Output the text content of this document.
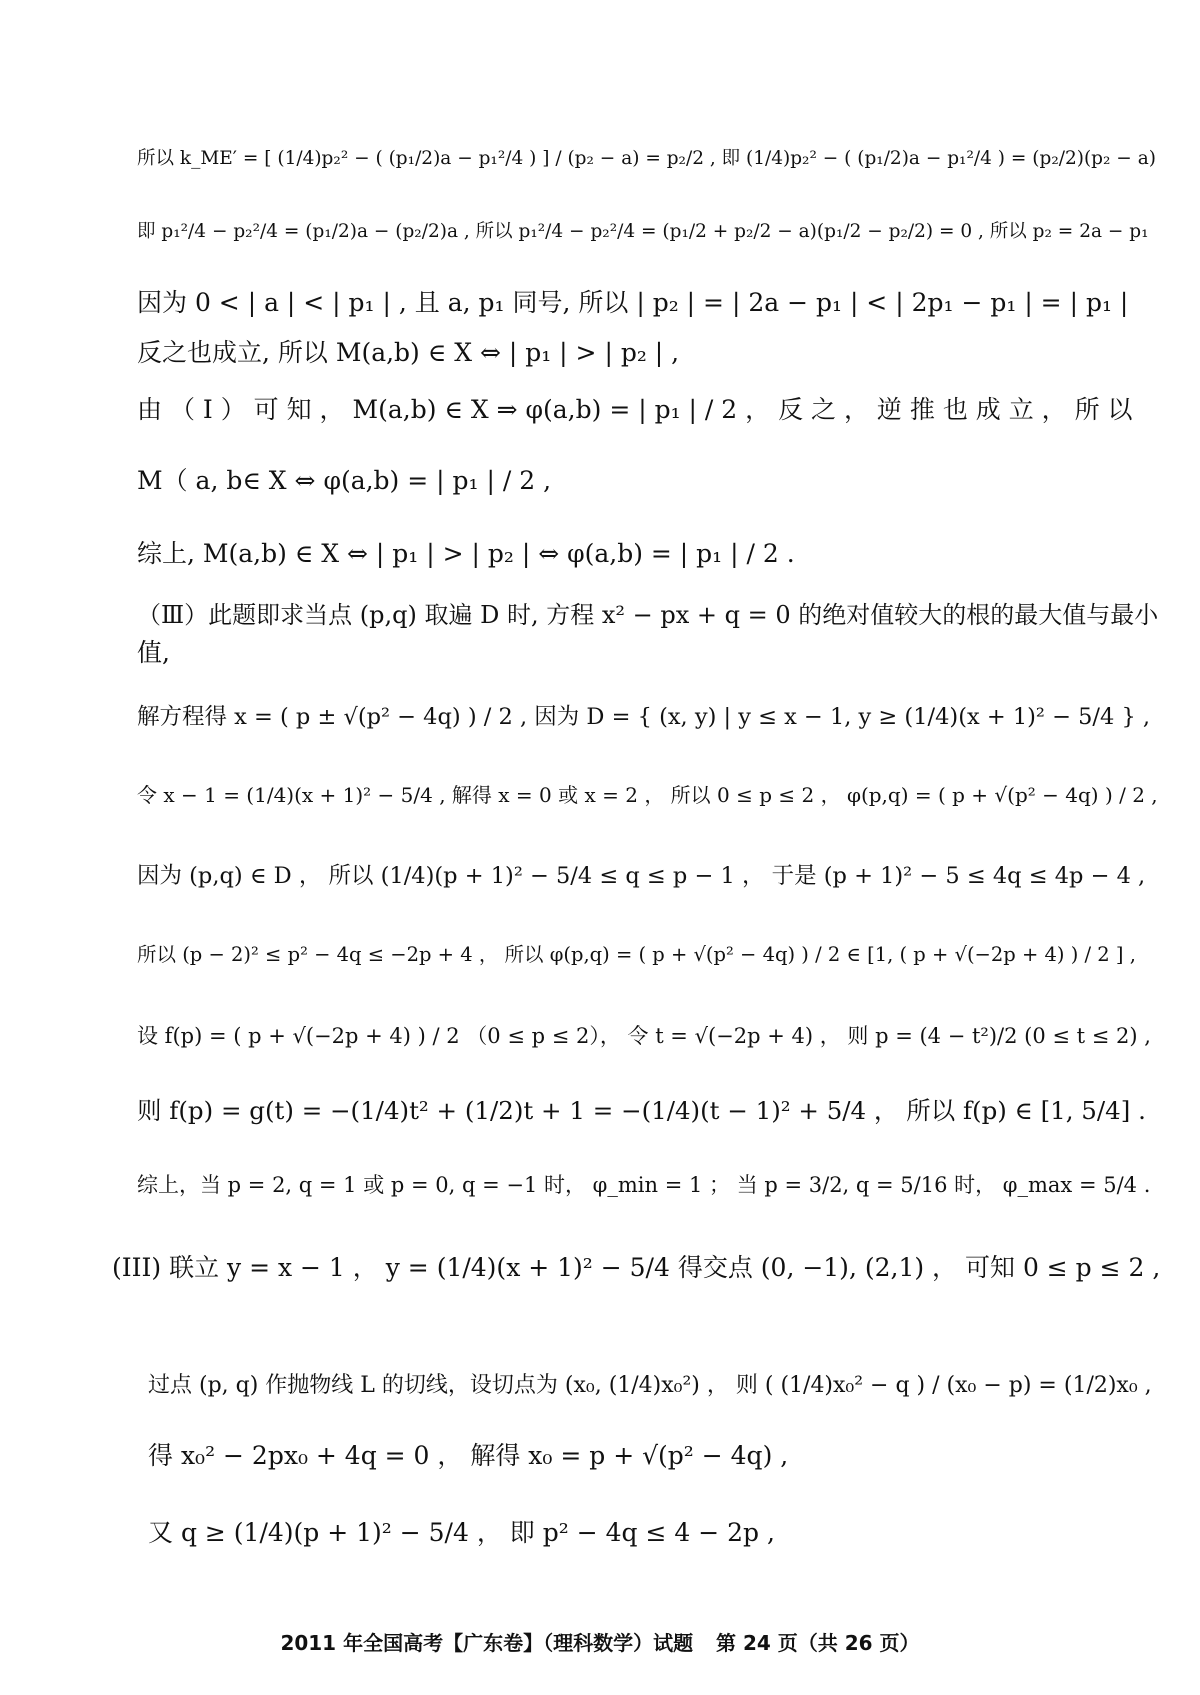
所以 k_ME′ = [ (1/4)p₂² − ( (p₁/2)a − p₁²/4 ) ] / (p₂ − a) = p₂/2 , 即 (1/4)p₂² − ( (p₁/2)a − p₁²/4 ) = (p₂/2)(p₂ − a)
即 p₁²/4 − p₂²/4 = (p₁/2)a − (p₂/2)a , 所以 p₁²/4 − p₂²/4 = (p₁/2 + p₂/2 − a)(p₁/2 − p₂/2) = 0 , 所以 p₂ = 2a − p₁
因为 0 < | a | < | p₁ | , 且 a, p₁ 同号, 所以 | p₂ | = | 2a − p₁ | < | 2p₁ − p₁ | = | p₁ |
反之也成立, 所以 M(a,b) ∈ X ⇔ | p₁ | > | p₂ | ,
由 （ Ⅰ ） 可 知 ， M(a,b) ∈ X ⇒ φ(a,b) = | p₁ | / 2 ， 反 之 ， 逆 推 也 成 立 ， 所 以
M（ a, b∈ X ⇔ φ(a,b) = | p₁ | / 2 ,
综上, M(a,b) ∈ X ⇔ | p₁ | > | p₂ | ⇔ φ(a,b) = | p₁ | / 2 .
（Ⅲ）此题即求当点 (p,q) 取遍 D 时, 方程 x² − px + q = 0 的绝对值较大的根的最大值与最小
值,
解方程得 x = ( p ± √(p² − 4q) ) / 2 , 因为 D = { (x, y) | y ≤ x − 1, y ≥ (1/4)(x + 1)² − 5/4 } ,
令 x − 1 = (1/4)(x + 1)² − 5/4 , 解得 x = 0 或 x = 2 ， 所以 0 ≤ p ≤ 2 ， φ(p,q) = ( p + √(p² − 4q) ) / 2 ,
因为 (p,q) ∈ D ， 所以 (1/4)(p + 1)² − 5/4 ≤ q ≤ p − 1 ， 于是 (p + 1)² − 5 ≤ 4q ≤ 4p − 4 ,
所以 (p − 2)² ≤ p² − 4q ≤ −2p + 4 ， 所以 φ(p,q) = ( p + √(p² − 4q) ) / 2 ∈ [1, ( p + √(−2p + 4) ) / 2 ] ,
设 f(p) = ( p + √(−2p + 4) ) / 2 （0 ≤ p ≤ 2）， 令 t = √(−2p + 4) ， 则 p = (4 − t²)/2 (0 ≤ t ≤ 2) ,
则 f(p) = g(t) = −(1/4)t² + (1/2)t + 1 = −(1/4)(t − 1)² + 5/4 ， 所以 f(p) ∈ [1, 5/4] .
综上，当 p = 2, q = 1 或 p = 0, q = −1 时， φ_min = 1 ； 当 p = 3/2, q = 5/16 时， φ_max = 5/4 .
(III) 联立 y = x − 1 ， y = (1/4)(x + 1)² − 5/4 得交点 (0, −1), (2,1) ， 可知 0 ≤ p ≤ 2 ,
过点 (p, q) 作抛物线 L 的切线，设切点为 (x₀, (1/4)x₀²) ， 则 ( (1/4)x₀² − q ) / (x₀ − p) = (1/2)x₀ ,
得 x₀² − 2px₀ + 4q = 0 ， 解得 x₀ = p + √(p² − 4q) ,
又 q ≥ (1/4)(p + 1)² − 5/4 ， 即 p² − 4q ≤ 4 − 2p ,
2011 年全国高考【广东卷】（理科数学）试题 第 24 页（共 26 页）
